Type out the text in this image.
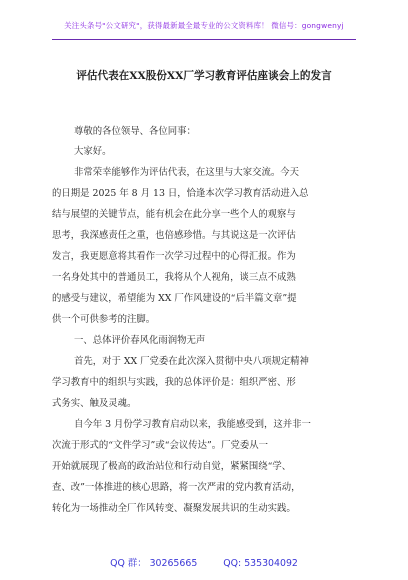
关注头条号"公文研究"，获得最新最全最专业的公文资料库！ 微信号：gongwenyj
评估代表在XX股份XX厂学习教育评估座谈会上的发言
尊敬的各位领导、各位同事：
大家好。
非常荣幸能够作为评估代表，在这里与大家交流。今天
的日期是 2025 年 8 月 13 日，恰逢本次学习教育活动进入总
结与展望的关键节点，能有机会在此分享一些个人的观察与
思考，我深感责任之重，也倍感珍惜。与其说这是一次评估
发言，我更愿意将其看作一次学习过程中的心得汇报。作为
一名身处其中的普通员工，我将从个人视角，谈三点不成熟
的感受与建议，希望能为 XX 厂作风建设的“后半篇文章”提
供一个可供参考的注脚。
一、总体评价春风化雨润物无声
首先，对于 XX 厂党委在此次深入贯彻中央八项规定精神
学习教育中的组织与实践，我的总体评价是：组织严密、形
式务实、触及灵魂。
自今年 3 月份学习教育启动以来，我能感受到，这并非一
次流于形式的“文件学习”或“会议传达”。厂党委从一
开始就展现了极高的政治站位和行动自觉，紧紧围绕“学、
查、改”一体推进的核心思路，将一次严肃的党内教育活动，
转化为一场推动全厂作风转变、凝聚发展共识的生动实践。
QQ 群： 30265665	QQ: 535304092
